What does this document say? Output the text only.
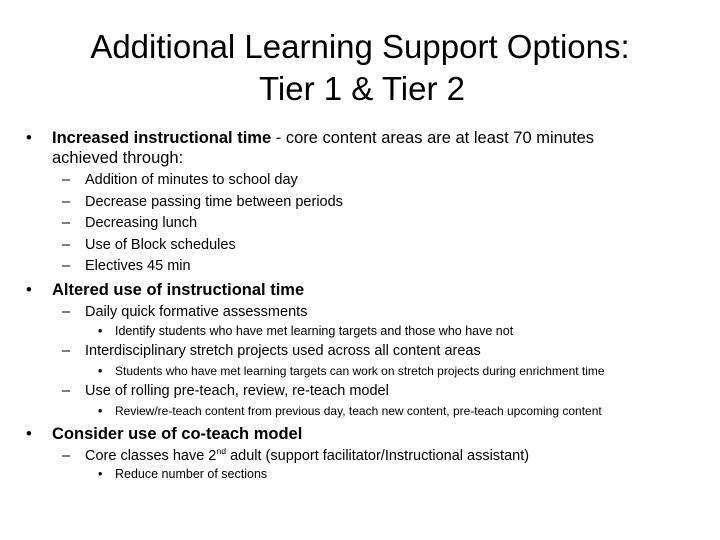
Additional Learning Support Options:
Tier 1 & Tier 2
• Increased instructional time - core content areas are at least 70 minutes
achieved through:
– Addition of minutes to school day
– Decrease passing time between periods
– Decreasing lunch
– Use of Block schedules
– Electives 45 min
• Altered use of instructional time
– Daily quick formative assessments
• Identify students who have met learning targets and those who have not
– Interdisciplinary stretch projects used across all content areas
• Students who have met learning targets can work on stretch projects during enrichment time
– Use of rolling pre-teach, review, re-teach model
• Review/re-teach content from previous day, teach new content, pre-teach upcoming content
• Consider use of co-teach model
– Core classes have 2nd adult (support facilitator/Instructional assistant)
• Reduce number of sections
